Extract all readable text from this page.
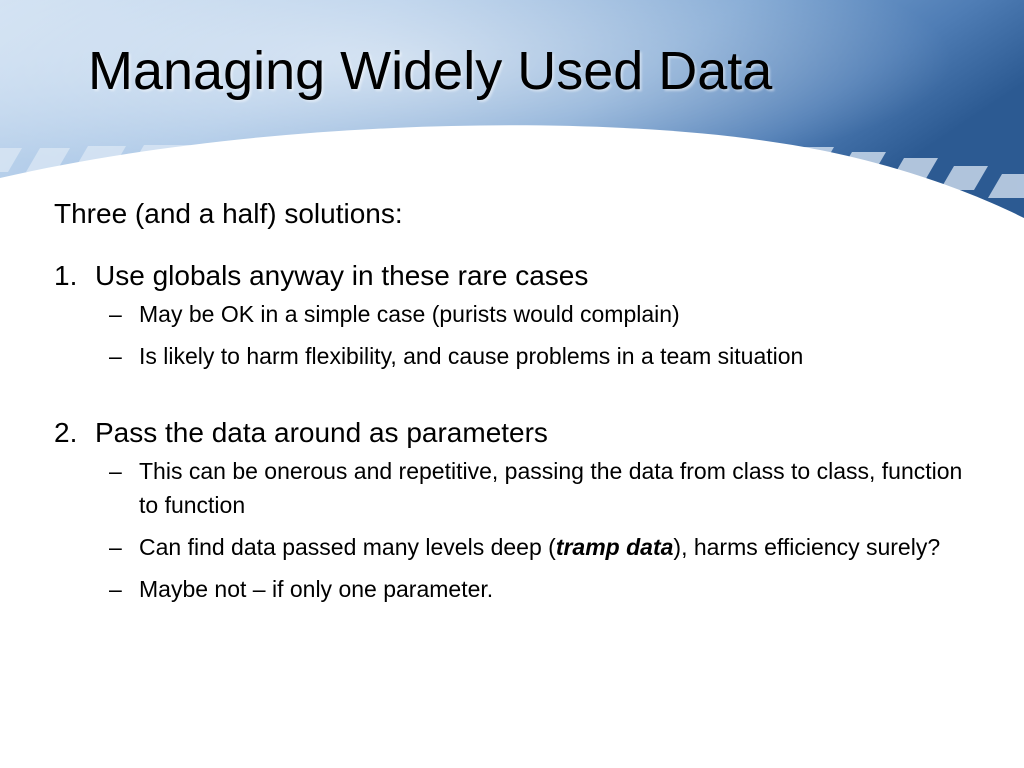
Managing Widely Used Data

Three (and a half) solutions:

1. Use globals anyway in these rare cases
– May be OK in a simple case (purists would complain)
– Is likely to harm flexibility, and cause problems in a team situation
2. Pass the data around as parameters
– This can be onerous and repetitive, passing the data from class to class, function to function
– Can find data passed many levels deep (tramp data), harms efficiency surely?
– Maybe not – if only one parameter.
